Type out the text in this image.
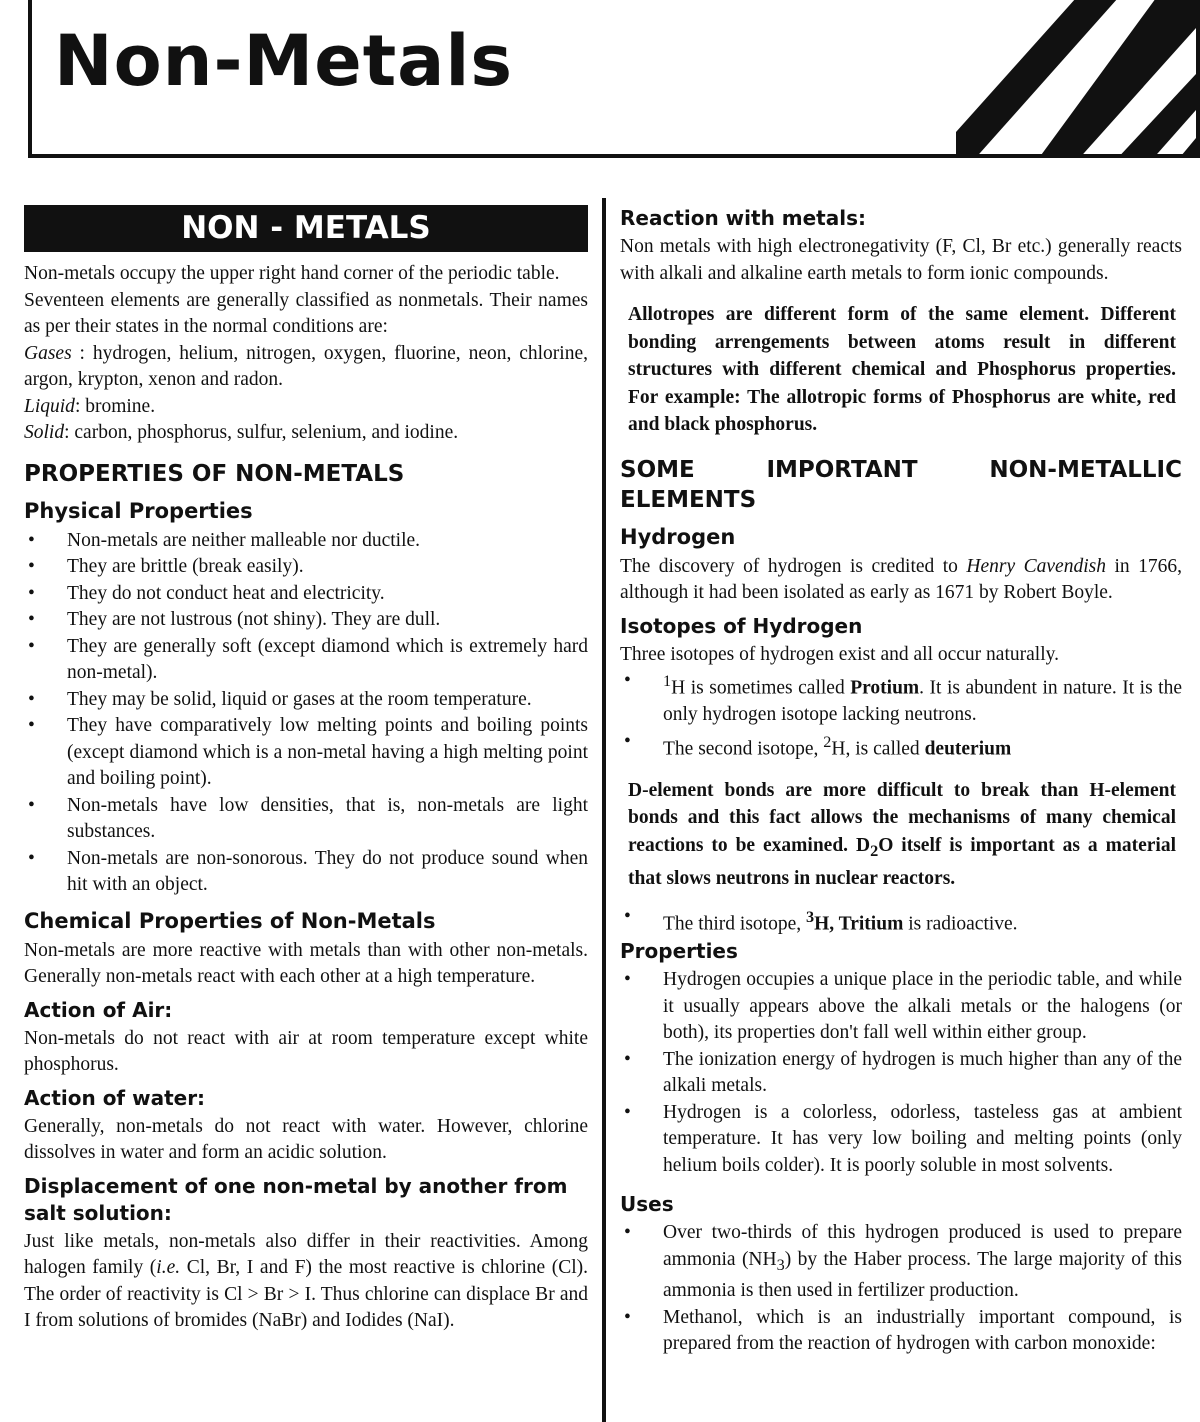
Non-Metals
NON - METALS

Non-metals occupy the upper right hand corner of the periodic table.

Seventeen elements are generally classified as nonmetals. Their names as per their states in the normal conditions are:

Gases : hydrogen, helium, nitrogen, oxygen, fluorine, neon, chlorine, argon, krypton, xenon and radon.

Liquid: bromine.

Solid: carbon, phosphorus, sulfur, selenium, and iodine.

PROPERTIES OF NON-METALS
Physical Properties
• Non-metals are neither malleable nor ductile.
• They are brittle (break easily).
• They do not conduct heat and electricity.
• They are not lustrous (not shiny). They are dull.
• They are generally soft (except diamond which is extremely hard non-metal).
• They may be solid, liquid or gases at the room temperature.
• They have comparatively low melting points and boiling points (except diamond which is a non-metal having a high melting point and boiling point).
• Non-metals have low densities, that is, non-metals are light substances.
• Non-metals are non-sonorous. They do not produce sound when hit with an object.
Chemical Properties of Non-Metals

Non-metals are more reactive with metals than with other non-metals. Generally non-metals react with each other at a high temperature.

Action of Air:

Non-metals do not react with air at room temperature except white phosphorus.

Action of water:

Generally, non-metals do not react with water. However, chlorine dissolves in water and form an acidic solution.

Displacement of one non-metal by another from salt solution:

Just like metals, non-metals also differ in their reactivities. Among halogen family (i.e. Cl, Br, I and F) the most reactive is chlorine (Cl). The order of reactivity is Cl > Br > I. Thus chlorine can displace Br and I from solutions of bromides (NaBr) and Iodides (NaI).

Reaction with metals:

Non metals with high electronegativity (F, Cl, Br etc.) generally reacts with alkali and alkaline earth metals to form ionic compounds.

Allotropes are different form of the same element. Different bonding arrengements between atoms result in different structures with different chemical and Phosphorus properties. For example: The allotropic forms of Phosphorus are white, red and black phosphorus.

SOME	IMPORTANT	NON-METALLIC
ELEMENTS
Hydrogen

The discovery of hydrogen is credited to Henry Cavendish in 1766, although it had been isolated as early as 1671 by Robert Boyle.

Isotopes of Hydrogen

Three isotopes of hydrogen exist and all occur naturally.

• $^1$H is sometimes called Protium. It is abundent in nature. It is the only hydrogen isotope lacking neutrons.
• The second isotope, $^2$H, is called deuterium

D-element bonds are more difficult to break than H-element bonds and this fact allows the mechanisms of many chemical reactions to be examined. $D_2O$ itself is important as a material that slows neutrons in nuclear reactors.

• The third isotope, $^3$H, Tritium is radioactive.
Properties
• Hydrogen occupies a unique place in the periodic table, and while it usually appears above the alkali metals or the halogens (or both), its properties don't fall well within either group.
• The ionization energy of hydrogen is much higher than any of the alkali metals.
• Hydrogen is a colorless, odorless, tasteless gas at ambient temperature. It has very low boiling and melting points (only helium boils colder). It is poorly soluble in most solvents.
Uses
• Over two-thirds of this hydrogen produced is used to prepare ammonia $(NH_3)$ by the Haber process. The large majority of this ammonia is then used in fertilizer production.
• Methanol, which is an industrially important compound, is prepared from the reaction of hydrogen with carbon monoxide:
